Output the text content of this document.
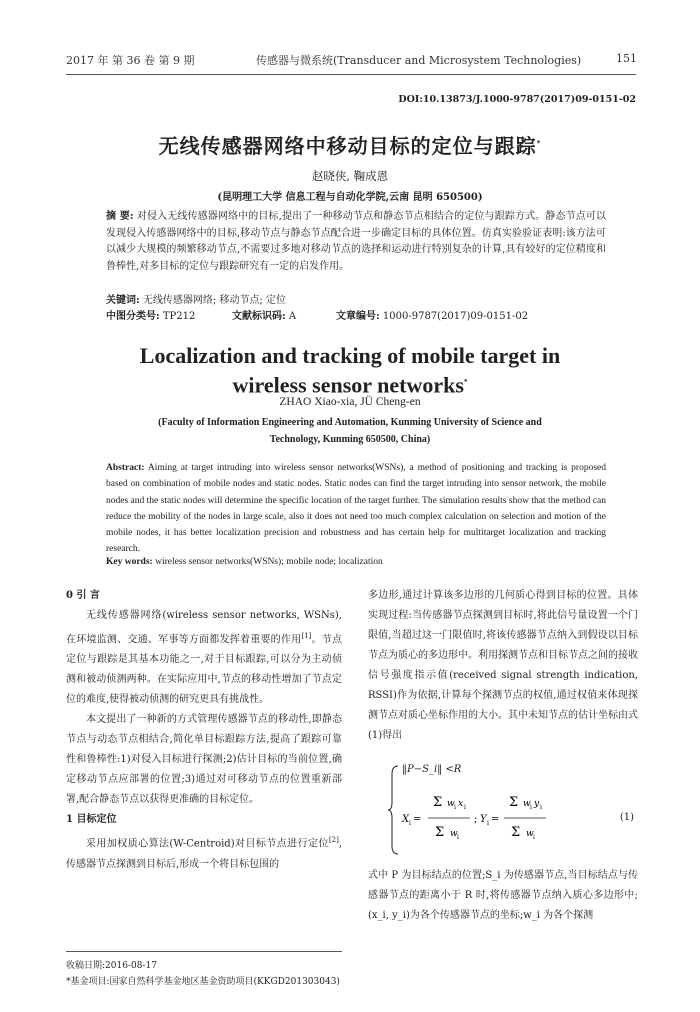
2017 年 第 36 卷 第 9 期	传感器与微系统(Transducer and Microsystem Technologies)	151
DOI:10.13873/J.1000-9787(2017)09-0151-02
无线传感器网络中移动目标的定位与跟踪*
赵晓侠, 鞠成恩
(昆明理工大学 信息工程与自动化学院,云南 昆明 650500)
摘 要: 对侵入无线传感器网络中的目标,提出了一种移动节点和静态节点相结合的定位与跟踪方式。静态节点可以发现侵入传感器网络中的目标,移动节点与静态节点配合进一步确定目标的具体位置。仿真实验验证表明:该方法可以减少大规模的频繁移动节点,不需要过多地对移动节点的选择和运动进行特别复杂的计算,具有较好的定位精度和鲁棒性,对多目标的定位与跟踪研究有一定的启发作用。
关键词: 无线传感器网络; 移动节点; 定位
中图分类号: TP212	文献标识码: A	文章编号: 1000-9787(2017)09-0151-02
Localization and tracking of mobile target in
wireless sensor networks*
ZHAO Xiao-xia, JÜ Cheng-en
(Faculty of Information Engineering and Automation, Kunming University of Science and
Technology, Kunming 650500, China)
Abstract: Aiming at target intruding into wireless sensor networks(WSNs), a method of positioning and tracking is proposed based on combination of mobile nodes and static nodes. Static nodes can find the target intruding into sensor network, the mobile nodes and the static nodes will determine the specific location of the target further. The simulation results show that the method can reduce the mobility of the nodes in large scale, also it does not need too much complex calculation on selection and motion of the mobile nodes, it has better localization precision and robustness and has certain help for multitarget localization and tracking research.
Key words: wireless sensor networks(WSNs); mobile node; localization

0 引 言

无线传感器网络(wireless sensor networks, WSNs),在环境监测、交通、军事等方面都发挥着重要的作用[1]。节点定位与跟踪是其基本功能之一,对于目标跟踪,可以分为主动侦测和被动侦测两种。在实际应用中,节点的移动性增加了节点定位的难度,使得被动侦测的研究更具有挑战性。

本文提出了一种新的方式管理传感器节点的移动性,即静态节点与动态节点相结合,简化单目标跟踪方法,提高了跟踪可靠性和鲁棒性:1)对侵入目标进行探测;2)估计目标的当前位置,确定移动节点应部署的位置;3)通过对可移动节点的位置重新部署,配合静态节点以获得更准确的目标定位。

1 目标定位

采用加权质心算法(W-Centroid)对目标节点进行定位[2],传感器节点探测到目标后,形成一个将目标包围的

多边形,通过计算该多边形的几何质心得到目标的位置。具体实现过程:当传感器节点探测到目标时,将此信号量设置一个门限值,当超过这一门限值时,将该传感器节点纳入到假设以目标节点为质心的多边形中。利用探测节点和目标节点之间的接收信号强度指示值(received signal strength indication, RSSI)作为依据,计算每个探测节点的权值,通过权值来体现探测节点对质心坐标作用的大小。其中未知节点的估计坐标由式(1)得出

Σ w i x i
Σ w i
X i =	; Y i =
Σ w i y i
Σ w i
‖P−S_i‖ <R
(1)

式中 P 为目标结点的位置;S_i 为传感器节点,当目标结点与传感器节点的距离小于 R 时,将传感器节点纳入质心多边形中;(x_i, y_i)为各个传感器节点的坐标;w_i 为各个探测

收稿日期:2016-08-17
*基金项目:国家自然科学基金地区基金资助项目(KKGD201303043)
